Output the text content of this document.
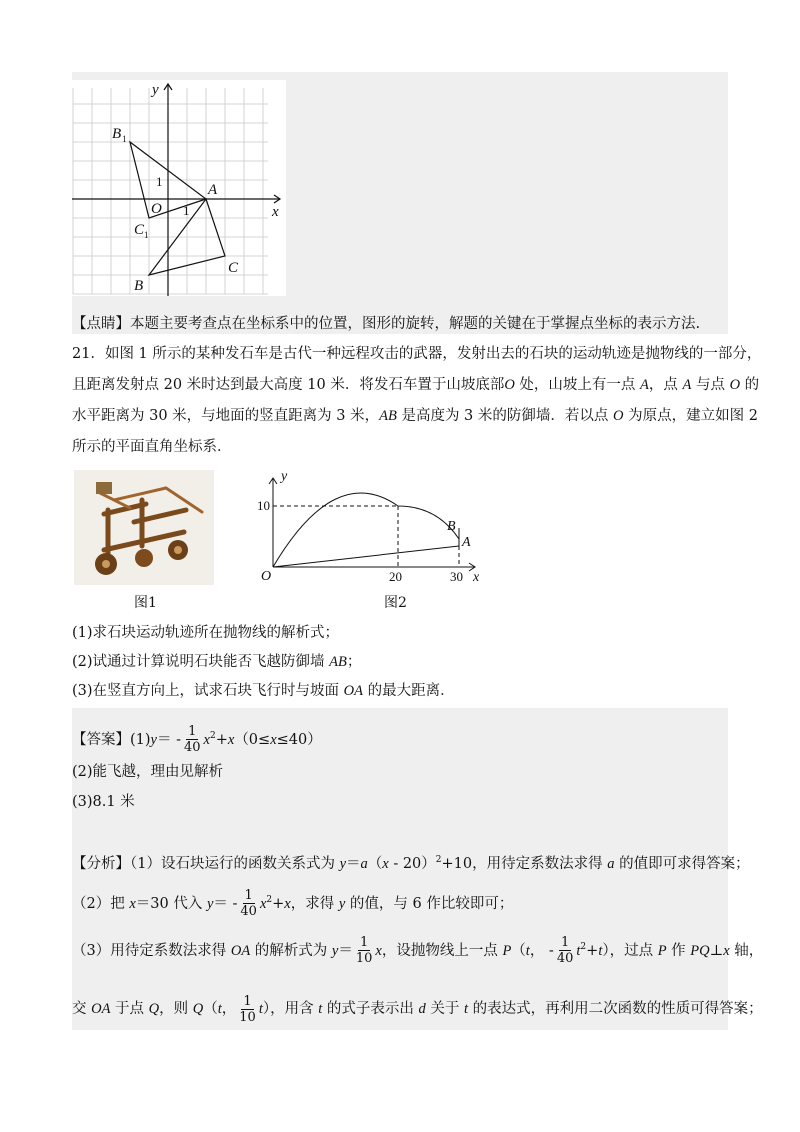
y
x
B 1
O
A
C 1
C
B
1
1
【点睛】本题主要考查点在坐标系中的位置，图形的旋转，解题的关键在于掌握点坐标的表示方法.
21．如图 1 所示的某种发石车是古代一种远程攻击的武器，发射出去的石块的运动轨迹是抛物线的一部分，
且距离发射点 20 米时达到最大高度 10 米．将发石车置于山坡底部O 处，山坡上有一点 A，点 A 与点 O 的
水平距离为 30 米，与地面的竖直距离为 3 米，AB 是高度为 3 米的防御墙．若以点 O 为原点，建立如图 2
所示的平面直角坐标系．
图1
10
20	30
y
x
O
B
A
图2
(1)求石块运动轨迹所在抛物线的解析式；
(2)试通过计算说明石块能否飞越防御墙 AB；
(3)在竖直方向上，试求石块飞行时与坡面 OA 的最大距离．
【答案】$(1)y= - \frac{1}{40} x^2+x(0\le x\le 40)$
(2)能飞越，理由见解析
(3)8.1 米
【分析】（1）设石块运行的函数关系式为 y＝a（x - 20）$^2$+10，用待定系数法求得 a 的值即可求得答案；
（2）把 x＝30 代入 $y= - \frac{1}{40} x^2+x$，求得 y 的值，与 6 作比较即可；
（3）用待定系数法求得 OA 的解析式为 $y= \frac{1}{10}$ x，设抛物线上一点 P（t， - $\frac{1}{40} t^2+t$），过点 P 作 PQ⊥x 轴，
交 OA 于点 Q，则 Q（t， $\frac{1}{10} t$），用含 t 的式子表示出 d 关于 t 的表达式，再利用二次函数的性质可得答案；
